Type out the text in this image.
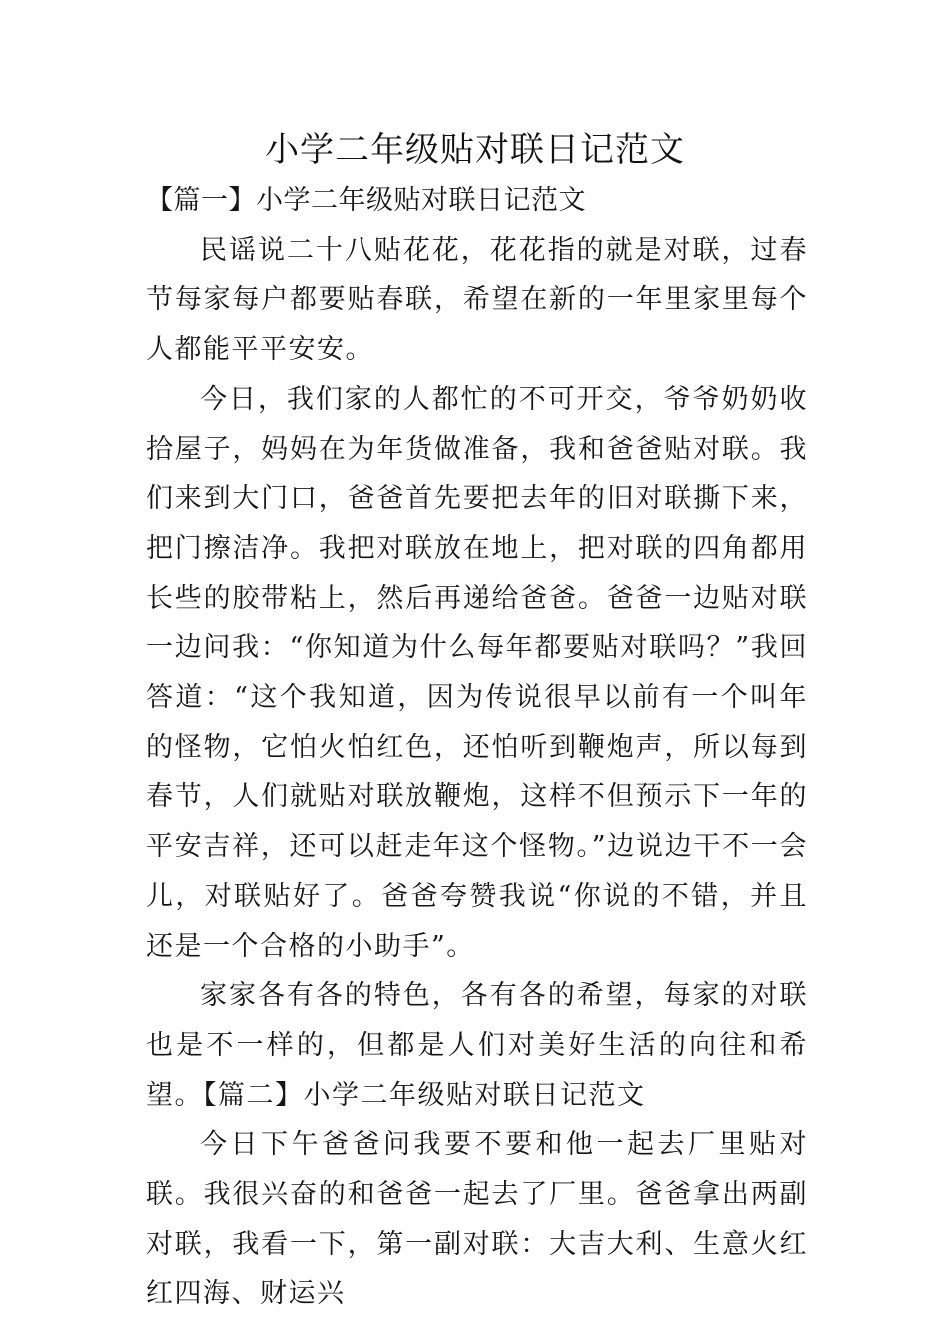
小学二年级贴对联日记范文

【篇一】小学二年级贴对联日记范文

民谣说二十八贴花花，花花指的就是对联，过春节每家每户都要贴春联，希望在新的一年里家里每个人都能平平安安。

今日，我们家的人都忙的不可开交，爷爷奶奶收拾屋子，妈妈在为年货做准备，我和爸爸贴对联。我们来到大门口，爸爸首先要把去年的旧对联撕下来，把门擦洁净。我把对联放在地上，把对联的四角都用长些的胶带粘上，然后再递给爸爸。爸爸一边贴对联一边问我：“你知道为什么每年都要贴对联吗？”我回答道：“这个我知道，因为传说很早以前有一个叫年的怪物，它怕火怕红色，还怕听到鞭炮声，所以每到春节，人们就贴对联放鞭炮，这样不但预示下一年的平安吉祥，还可以赶走年这个怪物。”边说边干不一会儿，对联贴好了。爸爸夸赞我说“你说的不错，并且还是一个合格的小助手”。

家家各有各的特色，各有各的希望，每家的对联也是不一样的，但都是人们对美好生活的向往和希望。【篇二】小学二年级贴对联日记范文

今日下午爸爸问我要不要和他一起去厂里贴对联。我很兴奋的和爸爸一起去了厂里。爸爸拿出两副对联，我看一下，第一副对联：大吉大利、生意火红红四海、财运兴
